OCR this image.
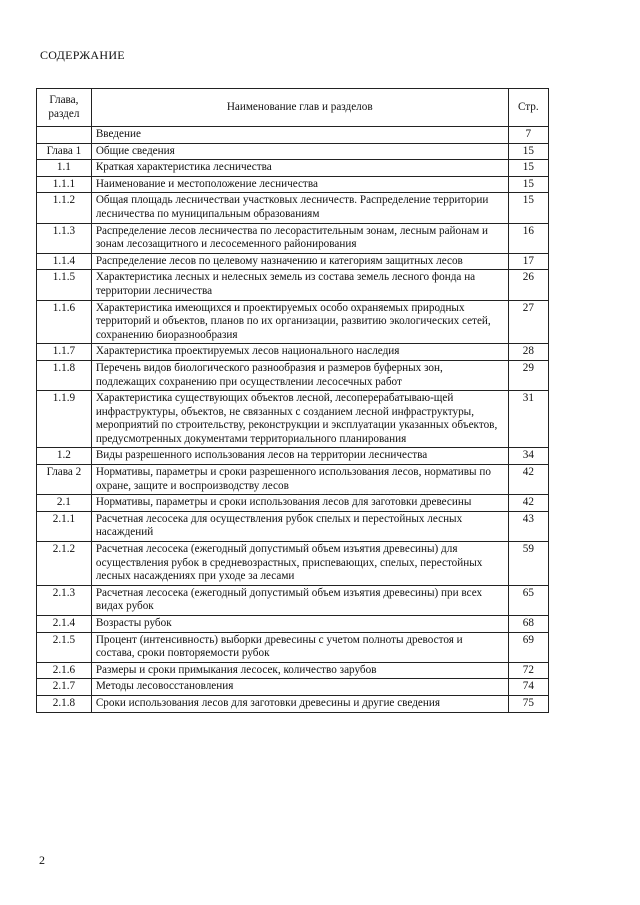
СОДЕРЖАНИЕ
Глава, раздел	Наименование глав и разделов	Стр.
	Введение	7
Глава 1	Общие сведения	15
1.1	Краткая характеристика лесничества	15
1.1.1	Наименование и местоположение лесничества	15
1.1.2	Общая площадь лесничестваи участковых лесничеств. Распределение территории лесничества по муниципальным образованиям	15
1.1.3	Распределение лесов лесничества по лесорастительным зонам, лесным районам и зонам лесозащитного и лесосеменного районирования	16
1.1.4	Распределение лесов по целевому назначению и категориям защитных лесов	17
1.1.5	Характеристика лесных и нелесных земель из состава земель лесного фонда на территории лесничества	26
1.1.6	Характеристика имеющихся и проектируемых особо охраняемых природных территорий и объектов, планов по их организации, развитию экологических сетей, сохранению биоразнообразия	27
1.1.7	Характеристика проектируемых лесов национального наследия	28
1.1.8	Перечень видов биологического разнообразия и размеров буферных зон, подлежащих сохранению при осуществлении лесосечных работ	29
1.1.9	Характеристика существующих объектов лесной, лесоперерабатываю-щей инфраструктуры, объектов, не связанных с созданием лесной инфраструктуры, мероприятий по строительству, реконструкции и эксплуатации указанных объектов, предусмотренных документами территориального планирования	31
1.2	Виды разрешенного использования лесов на территории лесничества	34
Глава 2	Нормативы, параметры и сроки разрешенного использования лесов, нормативы по охране, защите и воспроизводству лесов	42
2.1	Нормативы, параметры и сроки использования лесов для заготовки древесины	42
2.1.1	Расчетная лесосека для осуществления рубок спелых и перестойных лесных насаждений	43
2.1.2	Расчетная лесосека (ежегодный допустимый объем изъятия древесины) для осуществления рубок в средневозрастных, приспевающих, спелых, перестойных лесных насаждениях при уходе за лесами	59
2.1.3	Расчетная лесосека (ежегодный допустимый объем изъятия древесины) при всех видах рубок	65
2.1.4	Возрасты рубок	68
2.1.5	Процент (интенсивность) выборки древесины с учетом полноты древостоя и состава, сроки повторяемости рубок	69
2.1.6	Размеры и сроки примыкания лесосек, количество зарубов	72
2.1.7	Методы лесовосстановления	74
2.1.8	Сроки использования лесов для заготовки древесины и другие сведения	75
2
